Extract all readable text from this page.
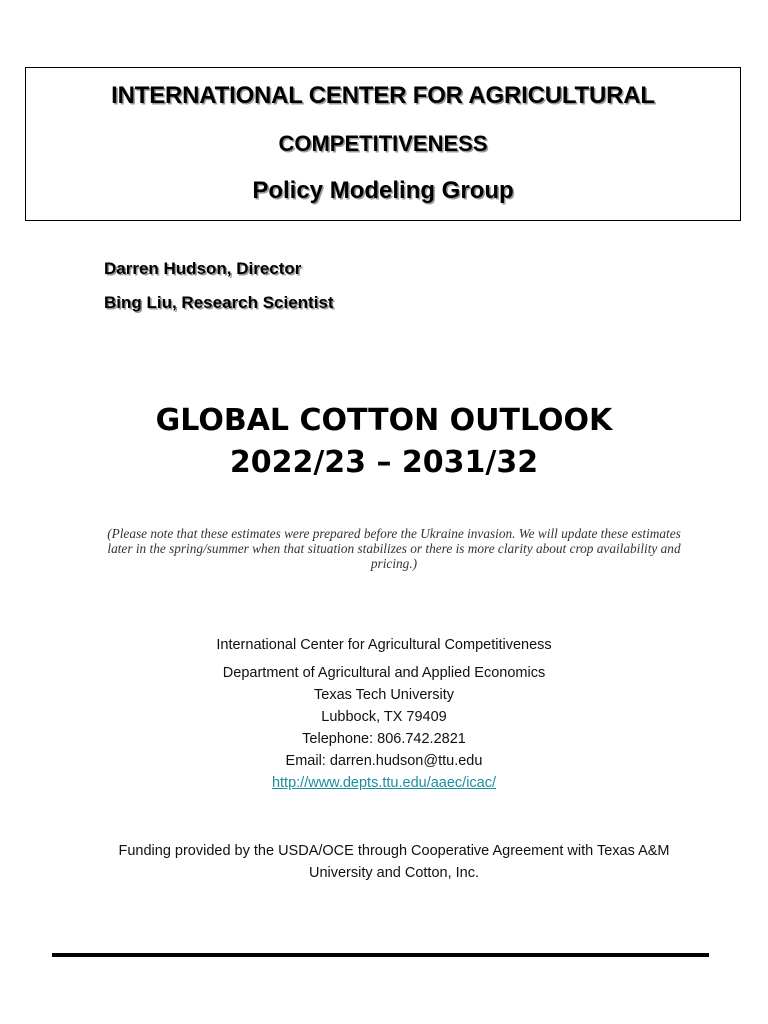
INTERNATIONAL CENTER FOR AGRICULTURAL
COMPETITIVENESS
Policy Modeling Group
Darren Hudson, Director
Bing Liu, Research Scientist
GLOBAL COTTON OUTLOOK
2022/23 – 2031/32
(Please note that these estimates were prepared before the Ukraine invasion. We will update these estimates later in the spring/summer when that situation stabilizes or there is more clarity about crop availability and pricing.)
International Center for Agricultural Competitiveness
Department of Agricultural and Applied Economics
Texas Tech University
Lubbock, TX 79409
Telephone: 806.742.2821
Email: darren.hudson@ttu.edu
http://www.depts.ttu.edu/aaec/icac/
Funding provided by the USDA/OCE through Cooperative Agreement with Texas A&M University and Cotton, Inc.
